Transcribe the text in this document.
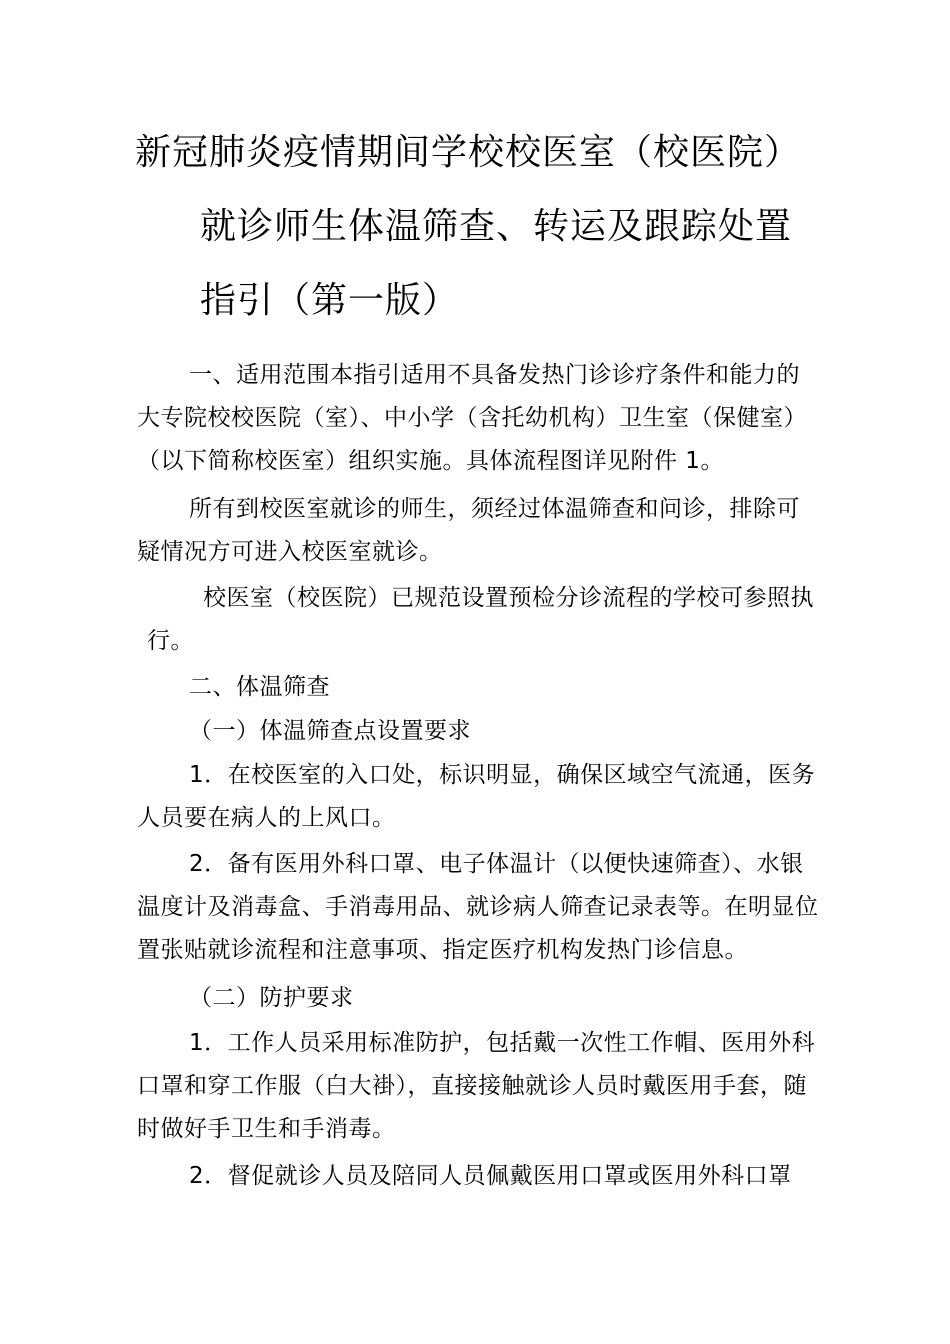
新冠肺炎疫情期间学校校医室（校医院）
就诊师生体温筛查、转运及跟踪处置
指引（第一版）
一、适用范围本指引适用不具备发热门诊诊疗条件和能力的
大专院校校医院（室）、中小学（含托幼机构）卫生室（保健室）
（以下简称校医室）组织实施。具体流程图详见附件 1。
所有到校医室就诊的师生，须经过体温筛查和问诊，排除可
疑情况方可进入校医室就诊。
校医室（校医院）已规范设置预检分诊流程的学校可参照执
行。
二、体温筛查
（一）体温筛查点设置要求
1．在校医室的入口处，标识明显，确保区域空气流通，医务
人员要在病人的上风口。
2．备有医用外科口罩、电子体温计（以便快速筛查）、水银
温度计及消毒盒、手消毒用品、就诊病人筛查记录表等。在明显位
置张贴就诊流程和注意事项、指定医疗机构发热门诊信息。
（二）防护要求
1．工作人员采用标准防护，包括戴一次性工作帽、医用外科
口罩和穿工作服（白大褂），直接接触就诊人员时戴医用手套，随
时做好手卫生和手消毒。
2．督促就诊人员及陪同人员佩戴医用口罩或医用外科口罩
